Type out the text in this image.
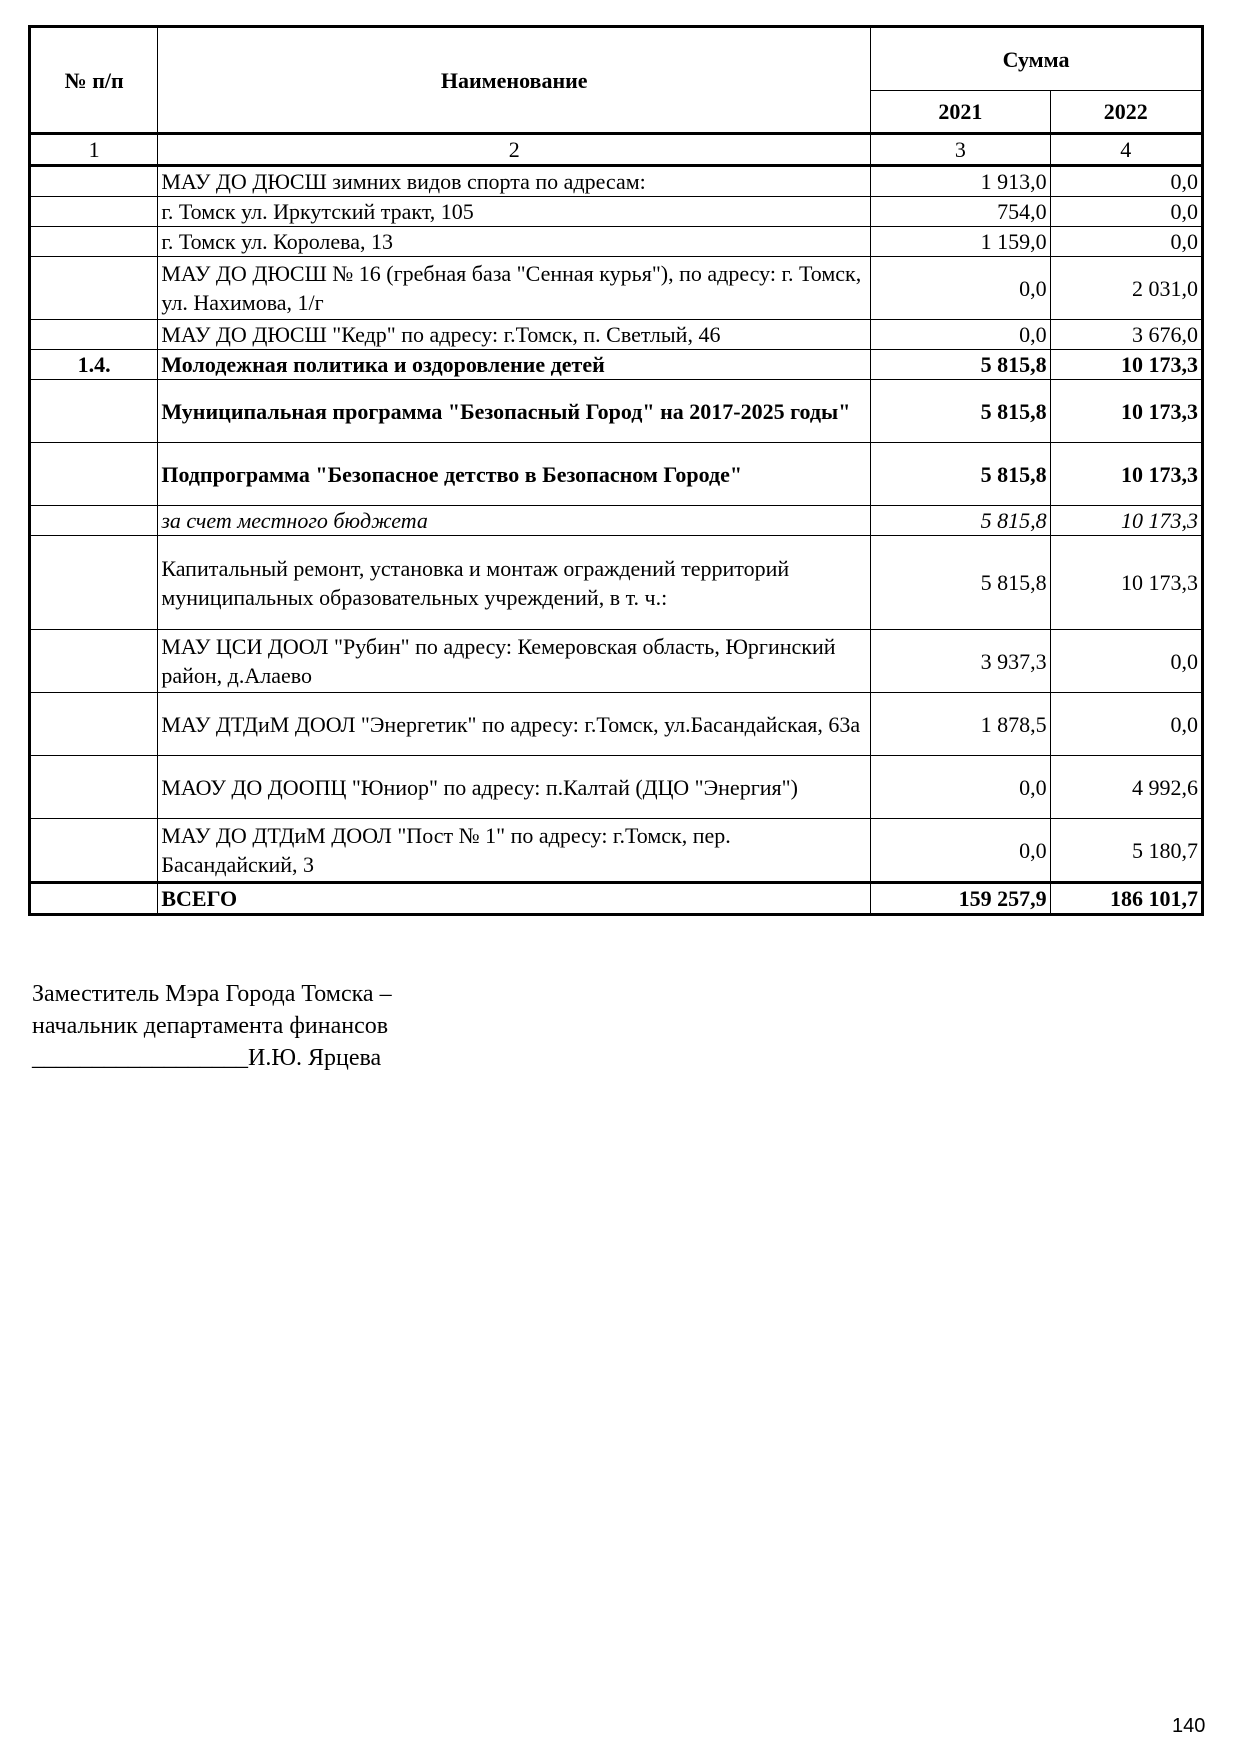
№ п/п	Наименование	Сумма	
		2021	2022
1	2	3	4
	МАУ ДО ДЮСШ зимних видов спорта по адресам:	1 913,0	0,0
	г. Томск ул. Иркутский тракт, 105	754,0	0,0
	г. Томск ул. Королева, 13	1 159,0	0,0
	МАУ ДО ДЮСШ № 16 (гребная база "Сенная курья"), по адресу: г. Томск, ул. Нахимова, 1/г	0,0	2 031,0
	МАУ ДО ДЮСШ "Кедр" по адресу: г.Томск, п. Светлый, 46	0,0	3 676,0
1.4.	Молодежная политика и оздоровление детей	5 815,8	10 173,3
	Муниципальная программа "Безопасный Город" на 2017-2025 годы"	5 815,8	10 173,3
	Подпрограмма "Безопасное детство в Безопасном Городе"	5 815,8	10 173,3
	за счет местного бюджета	5 815,8	10 173,3
	Капитальный ремонт, установка и монтаж ограждений территорий муниципальных образовательных учреждений, в т. ч.:	5 815,8	10 173,3
	МАУ ЦСИ ДООЛ "Рубин" по адресу: Кемеровская область, Юргинский район, д.Алаево	3 937,3	0,0
	МАУ ДТДиМ ДООЛ "Энергетик" по адресу: г.Томск, ул.Басандайская, 63а	1 878,5	0,0
	МАОУ ДО ДООПЦ "Юниор" по адресу: п.Калтай (ДЦО "Энергия")	0,0	4 992,6
	МАУ ДО ДТДиМ ДООЛ "Пост № 1" по адресу: г.Томск, пер. Басандайский, 3	0,0	5 180,7
	ВСЕГО	159 257,9	186 101,7
Заместитель Мэра Города Томска –
начальник департамента финансов
__________________И.Ю. Ярцева
140
